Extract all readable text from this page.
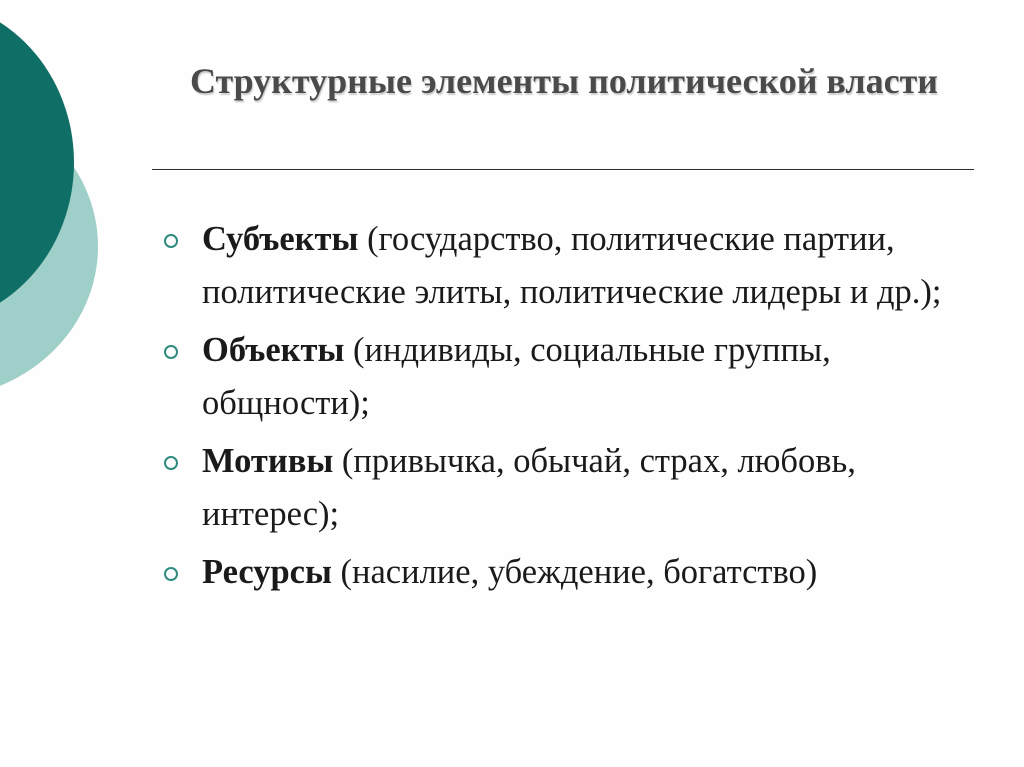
Структурные элементы политической власти
Субъекты (государство, политические партии, политические элиты, политические лидеры и др.);
Объекты (индивиды, социальные группы, общности);
Мотивы (привычка, обычай, страх, любовь, интерес);
Ресурсы (насилие, убеждение, богатство)
